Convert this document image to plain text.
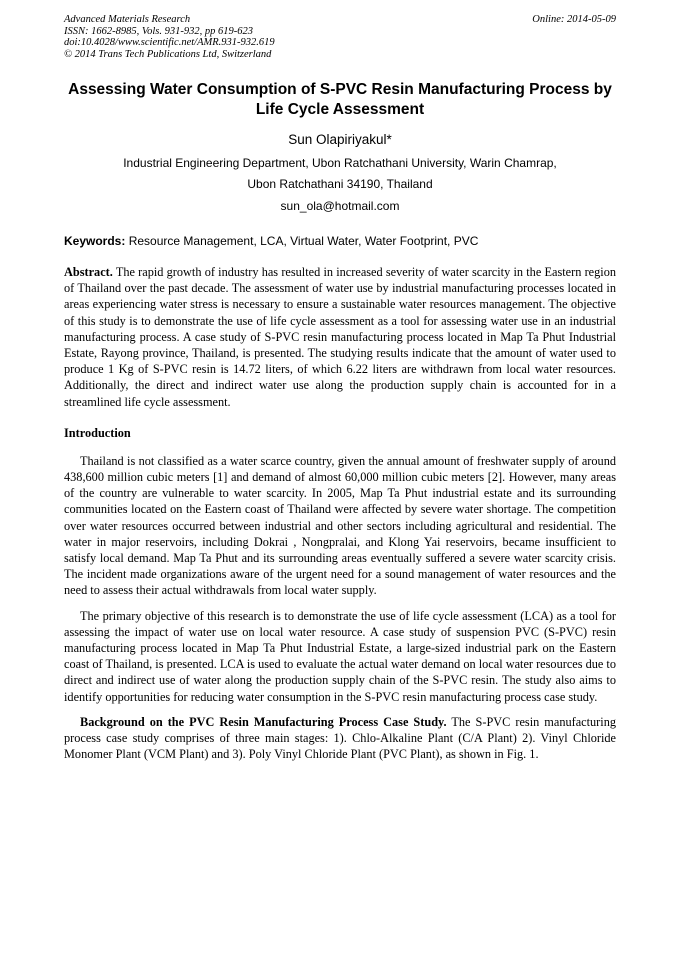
Advanced Materials Research
ISSN: 1662-8985, Vols. 931-932, pp 619-623
doi:10.4028/www.scientific.net/AMR.931-932.619
© 2014 Trans Tech Publications Ltd, Switzerland
Online: 2014-05-09
Assessing Water Consumption of S-PVC Resin Manufacturing Process by Life Cycle Assessment
Sun Olapiriyakul*
Industrial Engineering Department, Ubon Ratchathani University, Warin Chamrap,
Ubon Ratchathani 34190, Thailand
sun_ola@hotmail.com
Keywords: Resource Management, LCA, Virtual Water, Water Footprint, PVC
Abstract. The rapid growth of industry has resulted in increased severity of water scarcity in the Eastern region of Thailand over the past decade. The assessment of water use by industrial manufacturing processes located in areas experiencing water stress is necessary to ensure a sustainable water resources management. The objective of this study is to demonstrate the use of life cycle assessment as a tool for assessing water use in an industrial manufacturing process. A case study of S-PVC resin manufacturing process located in Map Ta Phut Industrial Estate, Rayong province, Thailand, is presented. The studying results indicate that the amount of water used to produce 1 Kg of S-PVC resin is 14.72 liters, of which 6.22 liters are withdrawn from local water resources. Additionally, the direct and indirect water use along the production supply chain is accounted for in a streamlined life cycle assessment.
Introduction
Thailand is not classified as a water scarce country, given the annual amount of freshwater supply of around 438,600 million cubic meters [1] and demand of almost 60,000 million cubic meters [2]. However, many areas of the country are vulnerable to water scarcity. In 2005, Map Ta Phut industrial estate and its surrounding communities located on the Eastern coast of Thailand were affected by severe water shortage. The competition over water resources occurred between industrial and other sectors including agricultural and residential. The water in major reservoirs, including Dokrai , Nongpralai, and Klong Yai reservoirs, became insufficient to satisfy local demand. Map Ta Phut and its surrounding areas eventually suffered a severe water scarcity crisis. The incident made organizations aware of the urgent need for a sound management of water resources and the need to assess their actual withdrawals from local water supply.
The primary objective of this research is to demonstrate the use of life cycle assessment (LCA) as a tool for assessing the impact of water use on local water resource. A case study of suspension PVC (S-PVC) resin manufacturing process located in Map Ta Phut Industrial Estate, a large-sized industrial park on the Eastern coast of Thailand, is presented. LCA is used to evaluate the actual water demand on local water resources due to direct and indirect use of water along the production supply chain of the S-PVC resin. The study also aims to identify opportunities for reducing water consumption in the S-PVC resin manufacturing process case study.
Background on the PVC Resin Manufacturing Process Case Study. The S-PVC resin manufacturing process case study comprises of three main stages: 1). Chlo-Alkaline Plant (C/A Plant) 2). Vinyl Chloride Monomer Plant (VCM Plant) and 3). Poly Vinyl Chloride Plant (PVC Plant), as shown in Fig. 1.
